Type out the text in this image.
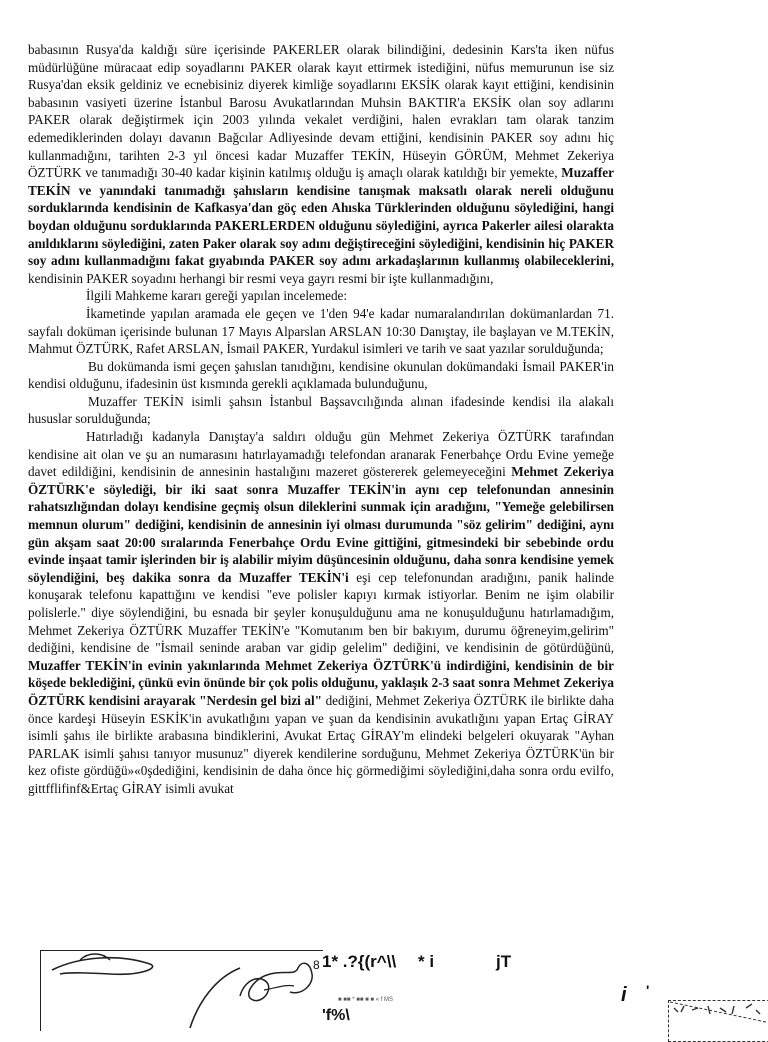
babasının Rusya'da kaldığı süre içerisinde PAKERLER olarak bilindiğini, dedesinin Kars'ta iken nüfus müdürlüğüne müracaat edip soyadlarını PAKER olarak kayıt ettirmek istediğini, nüfus memurunun ise siz Rusya'dan eksik geldiniz ve ecnebisiniz diyerek kimliğe soyadlarını EKSİK olarak kayıt ettiğini, kendisinin babasının vasiyeti üzerine İstanbul Barosu Avukatlarından Muhsin BAKTIR'a EKSİK olan soy adlarını PAKER olarak değiştirmek için 2003 yılında vekalet verdiğini, halen evrakları tam olarak tanzim edemediklerinden dolayı davanın Bağcılar Adliyesinde devam ettiğini, kendisinin PAKER soy adını hiç kullanmadığını, tarihten 2-3 yıl öncesi kadar Muzaffer TEKİN, Hüseyin GÖRÜM, Mehmet Zekeriya ÖZTÜRK ve tanımadığı 30-40 kadar kişinin katılmış olduğu iş amaçlı olarak katıldığı bir yemekte, Muzaffer TEKİN ve yanındaki tanımadığı şahısların kendisine tanışmak maksatlı olarak nereli olduğunu sorduklarında kendisinin de Kafkasya'dan göç eden Ahıska Türklerinden olduğunu söylediğini, hangi boydan olduğunu sorduklarında PAKERLERDEN olduğunu söylediğini, ayrıca Pakerler ailesi olarakta anıldıklarını söylediğini, zaten Paker olarak soy adını değiştireceğini söylediğini, kendisinin hiç PAKER soy adını kullanmadığını fakat gıyabında PAKER soy adını arkadaşlarının kullanmış olabileceklerini, kendisinin PAKER soyadını herhangi bir resmi veya gayrı resmi bir işte kullanmadığını,

İlgili Mahkeme kararı gereği yapılan incelemede:

İkametinde yapılan aramada ele geçen ve 1'den 94'e kadar numaralandırılan dokümanlardan 71. sayfalı doküman içerisinde bulunan 17 Mayıs Alparslan ARSLAN 10:30 Danıştay, ile başlayan ve M.TEKİN, Mahmut ÖZTÜRK, Rafet ARSLAN, İsmail PAKER, Yurdakul isimleri ve tarih ve saat yazılar sorulduğunda;

Bu dokümanda ismi geçen şahıslan tanıdığını, kendisine okunulan dokümandaki İsmail PAKER'in kendisi olduğunu, ifadesinin üst kısmında gerekli açıklamada bulunduğunu,

Muzaffer TEKİN isimli şahsın İstanbul Başsavcılığında alınan ifadesinde kendisi ila alakalı hususlar sorulduğunda;

Hatırladığı kadanyla Danıştay'a saldırı olduğu gün Mehmet Zekeriya ÖZTÜRK tarafından kendisine ait olan ve şu an numarasını hatırlayamadığı telefondan aranarak Fenerbahçe Ordu Evine yemeğe davet edildiğini, kendisinin de annesinin hastalığını mazeret göstererek gelemeyeceğini Mehmet Zekeriya ÖZTÜRK'e söylediği, bir iki saat sonra Muzaffer TEKİN'in aynı cep telefonundan annesinin rahatsızlığından dolayı kendisine geçmiş olsun dileklerini sunmak için aradığını, "Yemeğe gelebilirsen memnun olurum" dediğini, kendisinin de annesinin iyi olması durumunda "söz gelirim" dediğini, aynı gün akşam saat 20:00 sıralarında Fenerbahçe Ordu Evine gittiğini, gitmesindeki bir sebebinde ordu evinde inşaat tamir işlerinden bir iş alabilir miyim düşüncesinin olduğunu, daha sonra kendisine yemek söylendiğini, beş dakika sonra da Muzaffer TEKİN'i eşi cep telefonundan aradığını, panik halinde konuşarak telefonu kapattığını ve kendisi "eve polisler kapıyı kırmak istiyorlar. Benim ne işim olabilir polislerle." diye söylendiğini, bu esnada bir şeyler konuşulduğunu ama ne konuşulduğunu hatırlamadığım, Mehmet Zekeriya ÖZTÜRK Muzaffer TEKİN'e "Komutanım ben bir bakıyım, durumu öğreneyim,gelirim" dediğini, kendisine de "İsmail seninde araban var gidip gelelim" dediğini, ve kendisinin de götürdüğünü, Muzaffer TEKİN'in evinin yakınlarında Mehmet Zekeriya ÖZTÜRK'ü indirdiğini, kendisinin de bir köşede beklediğini, çünkü evin önünde bir çok polis olduğunu, yaklaşık 2-3 saat sonra Mehmet Zekeriya ÖZTÜRK kendisini arayarak "Nerdesin gel bizi al" dediğini, Mehmet Zekeriya ÖZTÜRK ile birlikte daha önce kardeşi Hüseyin ESKİK'in avukatlığını yapan ve şuan da kendisinin avukatlığını yapan Ertaç GİRAY isimli şahıs ile birlikte arabasına bindiklerini, Avukat Ertaç GİRAY'm elindeki belgeleri okuyarak "Ayhan PARLAK isimli şahısı tanıyor musunuz" diyerek kendilerine sorduğunu, Mehmet Zekeriya ÖZTÜRK'ün bir kez ofiste gördüğü»«0şdediğini, kendisinin de daha önce hiç görmediğimi söylediğini,daha sonra ordu evilfo, gittfflifinf&Ertaç GİRAY isimli avukat

8 1* .?{(r^\\ * i	jT
■ ■■ * ■■ ■ ■ « f MS
'f%\
i '
